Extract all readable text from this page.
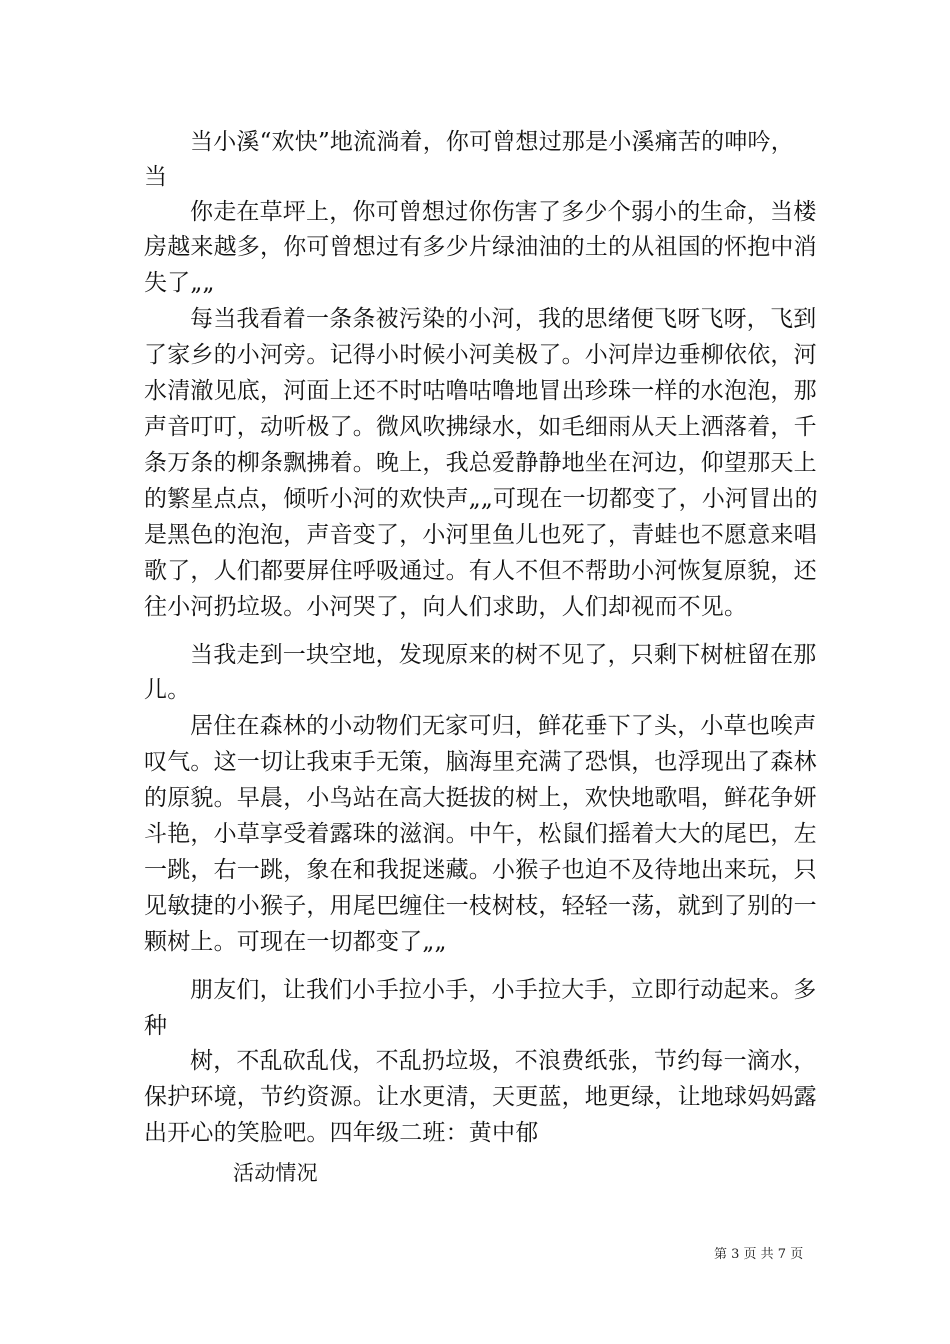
当小溪“欢快”地流淌着，你可曾想过那是小溪痛苦的呻吟，
当
你走在草坪上，你可曾想过你伤害了多少个弱小的生命，当楼
房越来越多，你可曾想过有多少片绿油油的土的从祖国的怀抱中消
失了„„
每当我看着一条条被污染的小河，我的思绪便飞呀飞呀，飞到
了家乡的小河旁。记得小时候小河美极了。小河岸边垂柳依依，河
水清澈见底，河面上还不时咕噜咕噜地冒出珍珠一样的水泡泡，那
声音叮叮，动听极了。微风吹拂绿水，如毛细雨从天上洒落着，千
条万条的柳条飘拂着。晚上，我总爱静静地坐在河边，仰望那天上
的繁星点点，倾听小河的欢快声„„可现在一切都变了，小河冒出的
是黑色的泡泡，声音变了，小河里鱼儿也死了，青蛙也不愿意来唱
歌了，人们都要屏住呼吸通过。有人不但不帮助小河恢复原貌，还
往小河扔垃圾。小河哭了，向人们求助，人们却视而不见。
当我走到一块空地，发现原来的树不见了，只剩下树桩留在那
儿。
居住在森林的小动物们无家可归，鲜花垂下了头，小草也唉声
叹气。这一切让我束手无策，脑海里充满了恐惧，也浮现出了森林
的原貌。早晨，小鸟站在高大挺拔的树上，欢快地歌唱，鲜花争妍
斗艳，小草享受着露珠的滋润。中午，松鼠们摇着大大的尾巴，左
一跳，右一跳，象在和我捉迷藏。小猴子也迫不及待地出来玩，只
见敏捷的小猴子，用尾巴缠住一枝树枝，轻轻一荡，就到了别的一
颗树上。可现在一切都变了„„
朋友们，让我们小手拉小手，小手拉大手，立即行动起来。多
种
树，不乱砍乱伐，不乱扔垃圾，不浪费纸张，节约每一滴水，
保护环境，节约资源。让水更清，天更蓝，地更绿，让地球妈妈露
出开心的笑脸吧。四年级二班：黄中郁
活动情况
第 3 页 共 7 页
